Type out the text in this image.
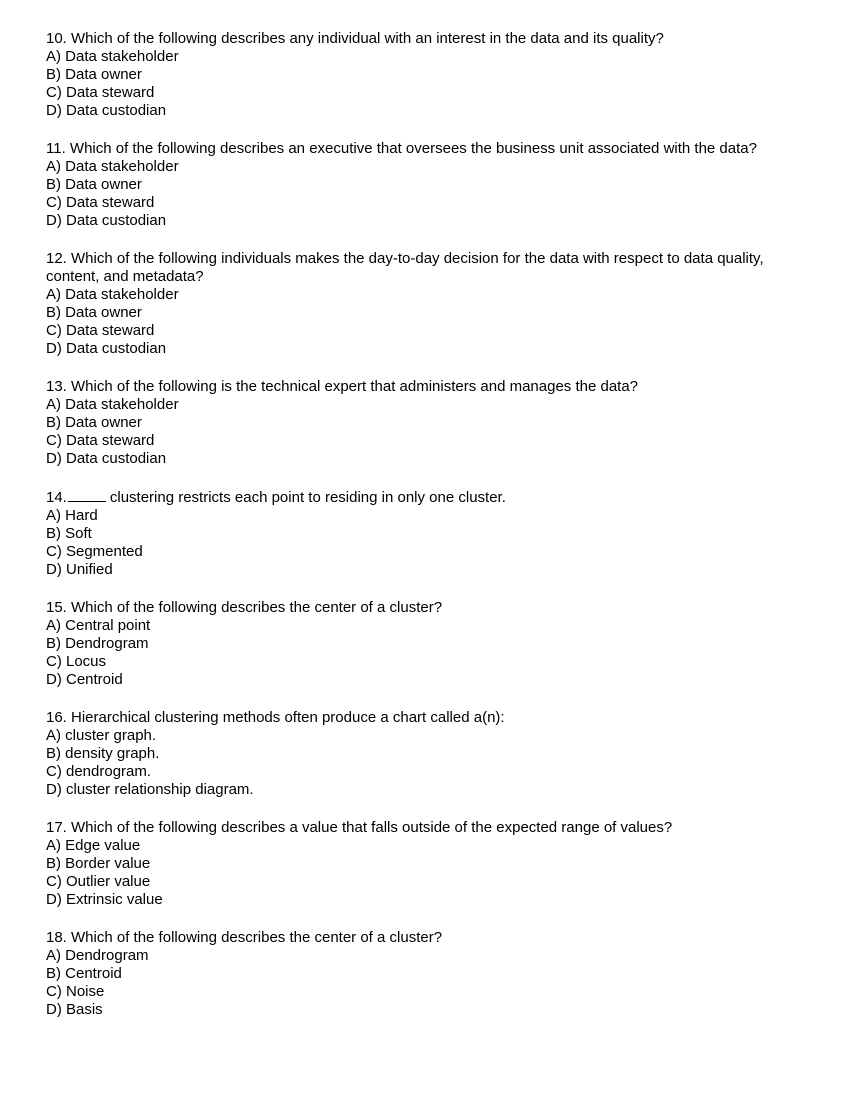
10. Which of the following describes any individual with an interest in the data and its quality?

A) Data stakeholder
B) Data owner
C) Data steward
D) Data custodian

11. Which of the following describes an executive that oversees the business unit associated with the data?

A) Data stakeholder
B) Data owner
C) Data steward
D) Data custodian

12. Which of the following individuals makes the day-to-day decision for the data with respect to data quality, content, and metadata?

A) Data stakeholder
B) Data owner
C) Data steward
D) Data custodian

13. Which of the following is the technical expert that administers and manages the data?

A) Data stakeholder
B) Data owner
C) Data steward
D) Data custodian

14.	clustering restricts each point to residing in only one cluster.

A) Hard
B) Soft
C) Segmented
D) Unified

15. Which of the following describes the center of a cluster?

A) Central point
B) Dendrogram
C) Locus
D) Centroid

16. Hierarchical clustering methods often produce a chart called a(n):

A) cluster graph.
B) density graph.
C) dendrogram.
D) cluster relationship diagram.

17. Which of the following describes a value that falls outside of the expected range of values?

A) Edge value
B) Border value
C) Outlier value
D) Extrinsic value

18. Which of the following describes the center of a cluster?

A) Dendrogram
B) Centroid
C) Noise
D) Basis
